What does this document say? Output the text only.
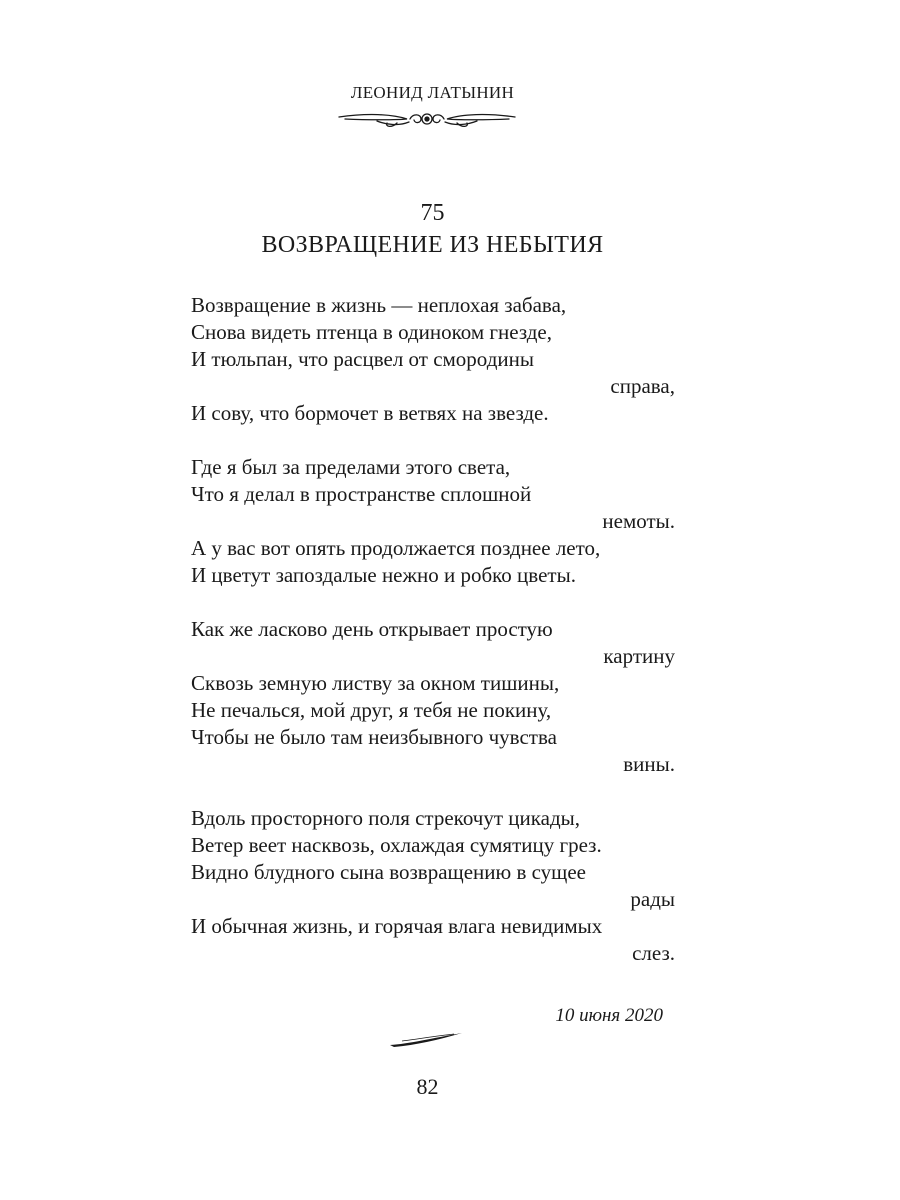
ЛЕОНИД ЛАТЫНИН
75
ВОЗВРАЩЕНИЕ ИЗ НЕБЫТИЯ
Возвращение в жизнь — неплохая забава,
Снова видеть птенца в одиноком гнезде,
И тюльпан, что расцвел от смородины
справа,
И сову, что бормочет в ветвях на звезде.
Где я был за пределами этого света,
Что я делал в пространстве сплошной
немоты.
А у вас вот опять продолжается позднее лето,
И цветут запоздалые нежно и робко цветы.
Как же ласково день открывает простую
картину
Сквозь земную листву за окном тишины,
Не печалься, мой друг, я тебя не покину,
Чтобы не было там неизбывного чувства
вины.
Вдоль просторного поля стрекочут цикады,
Ветер веет насквозь, охлаждая сумятицу грез.
Видно блудного сына возвращению в сущее
рады
И обычная жизнь, и горячая влага невидимых
слез.
10 июня 2020
82
